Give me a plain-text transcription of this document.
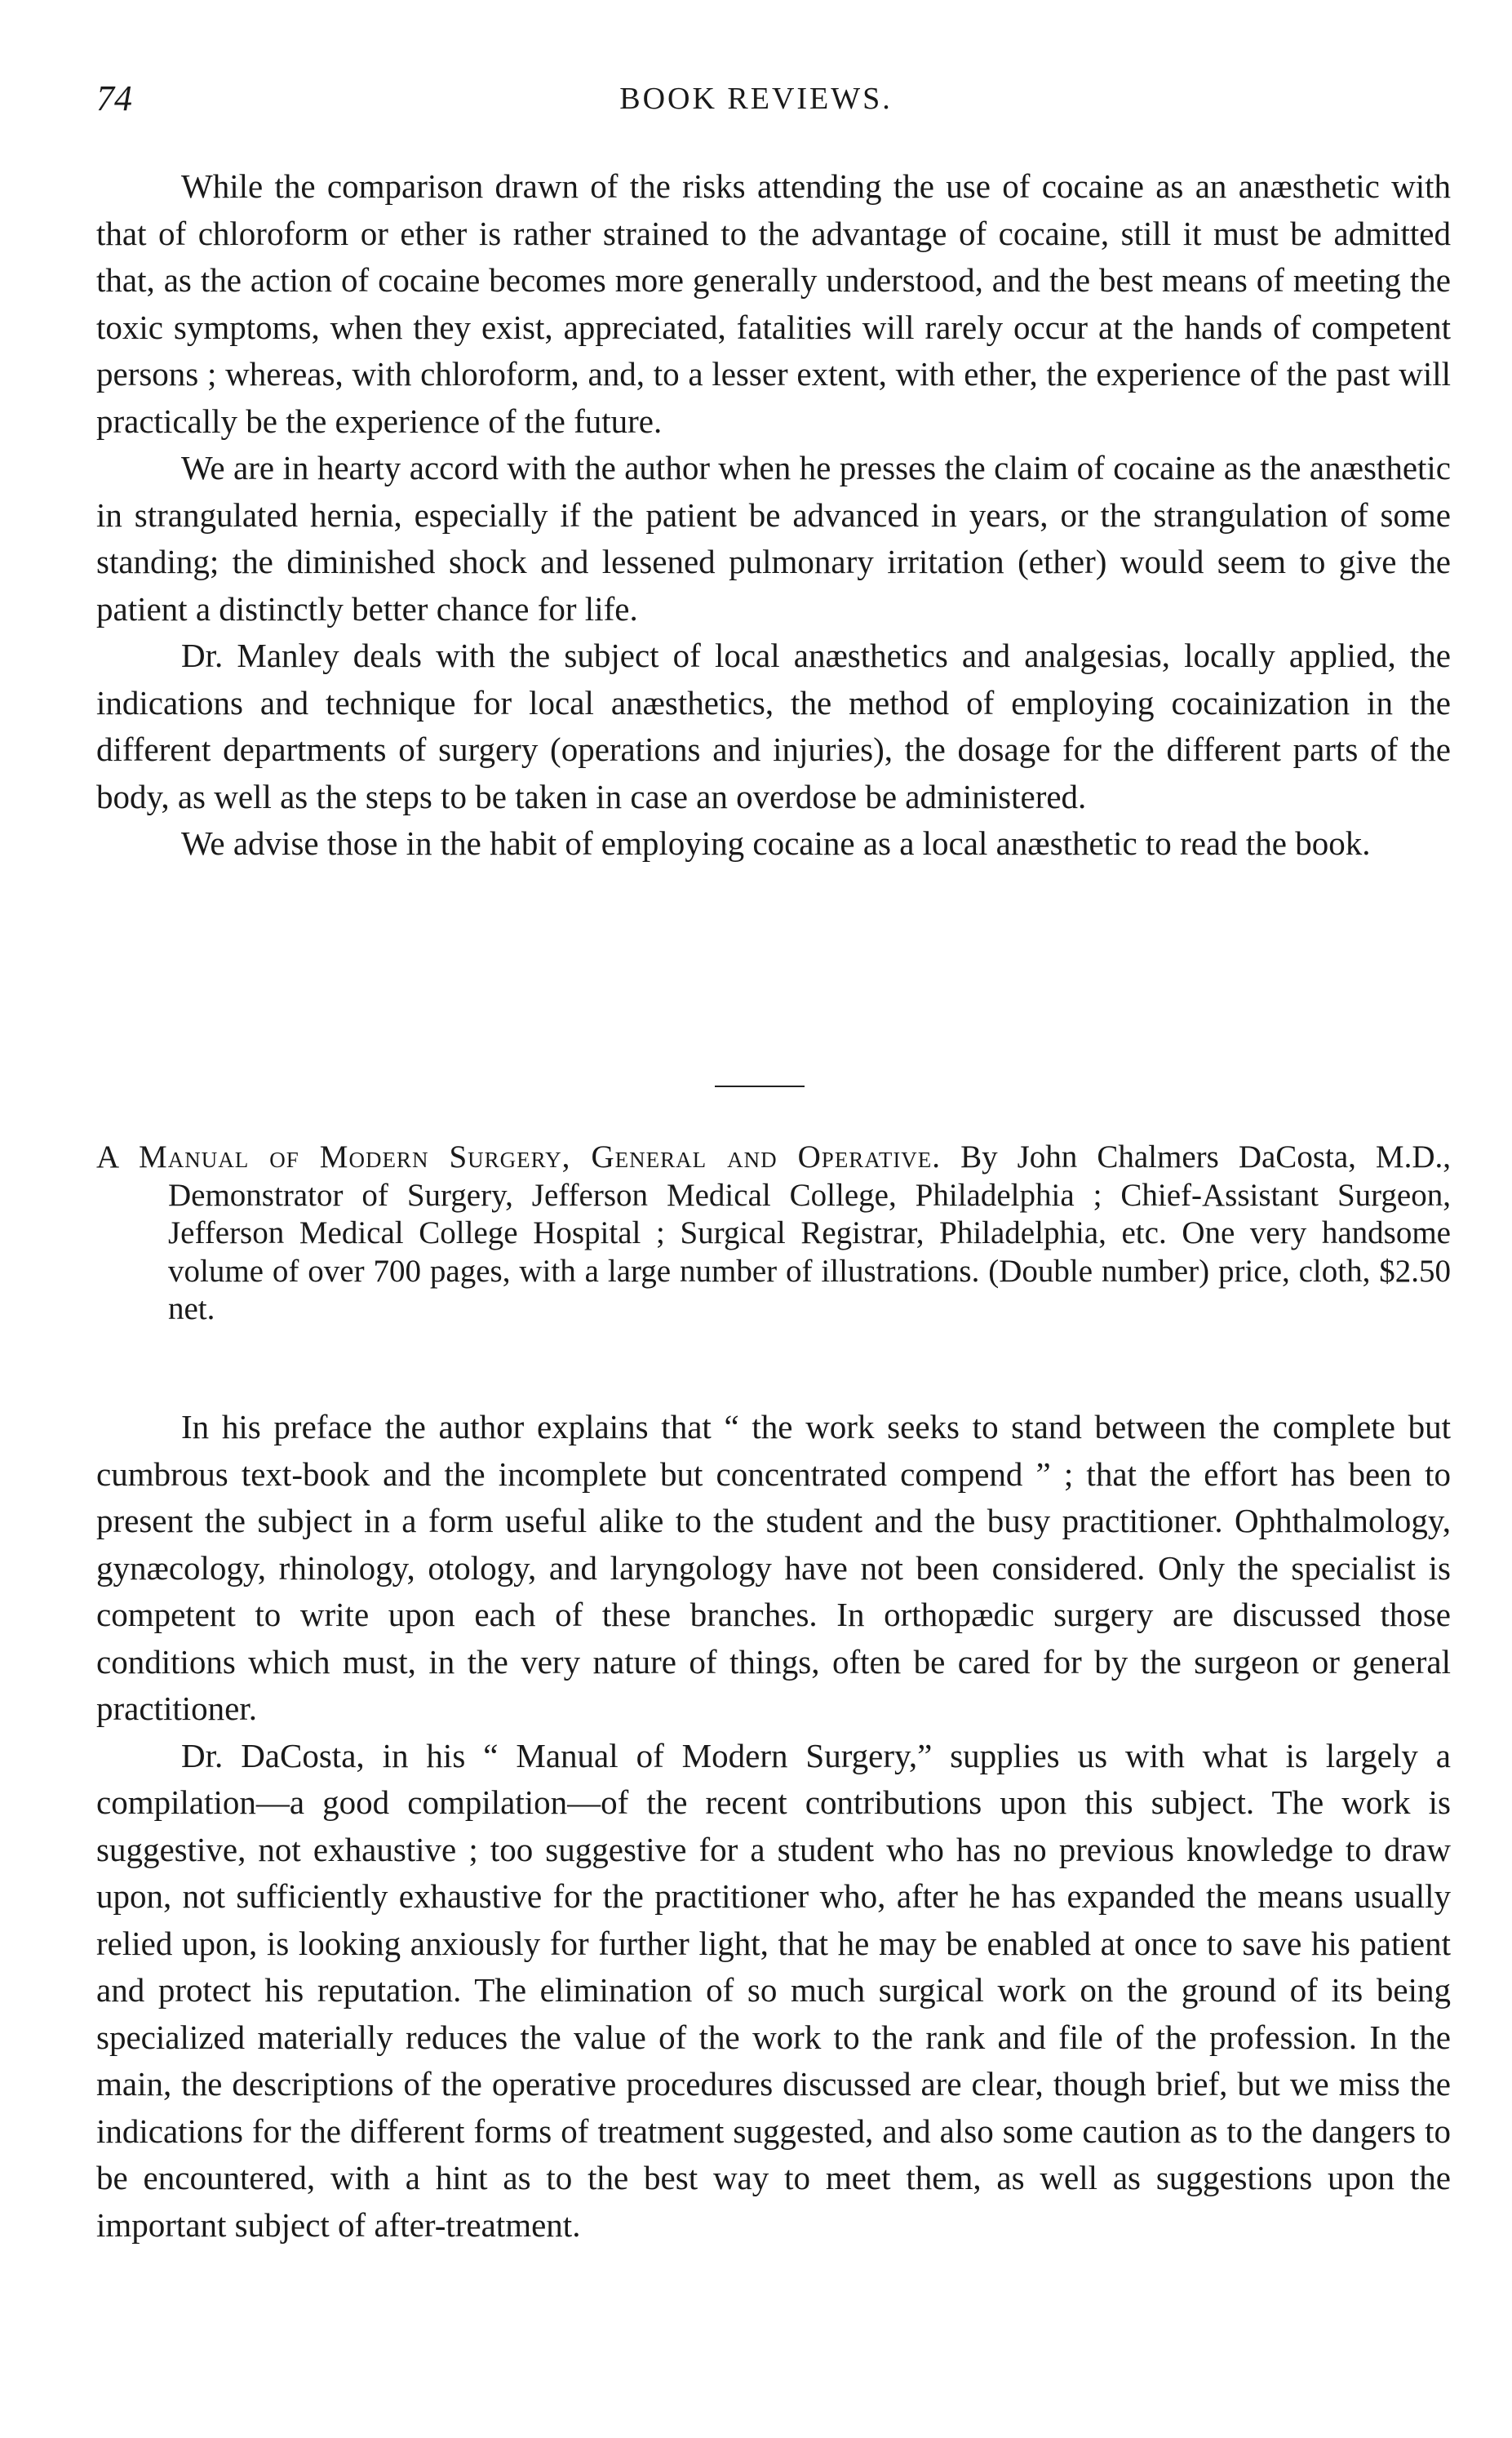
74	BOOK REVIEWS.

While the comparison drawn of the risks attending the use of cocaine as an anæsthetic with that of chloroform or ether is rather strained to the advantage of cocaine, still it must be admitted that, as the action of cocaine becomes more generally understood, and the best means of meeting the toxic symptoms, when they exist, appreciated, fatalities will rarely occur at the hands of competent persons ; whereas, with chloroform, and, to a lesser extent, with ether, the experience of the past will practically be the experience of the future.

We are in hearty accord with the author when he presses the claim of cocaine as the anæsthetic in strangulated hernia, especially if the patient be advanced in years, or the strangulation of some standing; the diminished shock and lessened pulmonary irritation (ether) would seem to give the patient a distinctly better chance for life.

Dr. Manley deals with the subject of local anæsthetics and analgesias, locally applied, the indications and technique for local anæsthetics, the method of employing cocainization in the different departments of surgery (operations and injuries), the dosage for the different parts of the body, as well as the steps to be taken in case an overdose be administered.

We advise those in the habit of employing cocaine as a local anæsthetic to read the book.

A Manual of Modern Surgery, General and Operative. By John Chalmers DaCosta, M.D., Demonstrator of Surgery, Jefferson Medical College, Philadelphia ; Chief-Assistant Surgeon, Jefferson Medical College Hospital ; Surgical Registrar, Philadelphia, etc. One very handsome volume of over 700 pages, with a large number of illustrations. (Double number) price, cloth, $2.50 net.

In his preface the author explains that “ the work seeks to stand between the complete but cumbrous text-book and the incomplete but concentrated compend ” ; that the effort has been to present the subject in a form useful alike to the student and the busy practitioner. Ophthalmology, gynæcology, rhinology, otology, and laryngology have not been considered. Only the specialist is competent to write upon each of these branches. In orthopædic surgery are discussed those conditions which must, in the very nature of things, often be cared for by the surgeon or general practitioner.

Dr. DaCosta, in his “ Manual of Modern Surgery,” supplies us with what is largely a compilation—a good compilation—of the recent contributions upon this subject. The work is suggestive, not exhaustive ; too suggestive for a student who has no previous knowledge to draw upon, not sufficiently exhaustive for the practitioner who, after he has expanded the means usually relied upon, is looking anxiously for further light, that he may be enabled at once to save his patient and protect his reputation. The elimination of so much surgical work on the ground of its being specialized materially reduces the value of the work to the rank and file of the profession. In the main, the descriptions of the operative procedures discussed are clear, though brief, but we miss the indications for the different forms of treatment suggested, and also some caution as to the dangers to be encountered, with a hint as to the best way to meet them, as well as suggestions upon the important subject of after-treatment.
